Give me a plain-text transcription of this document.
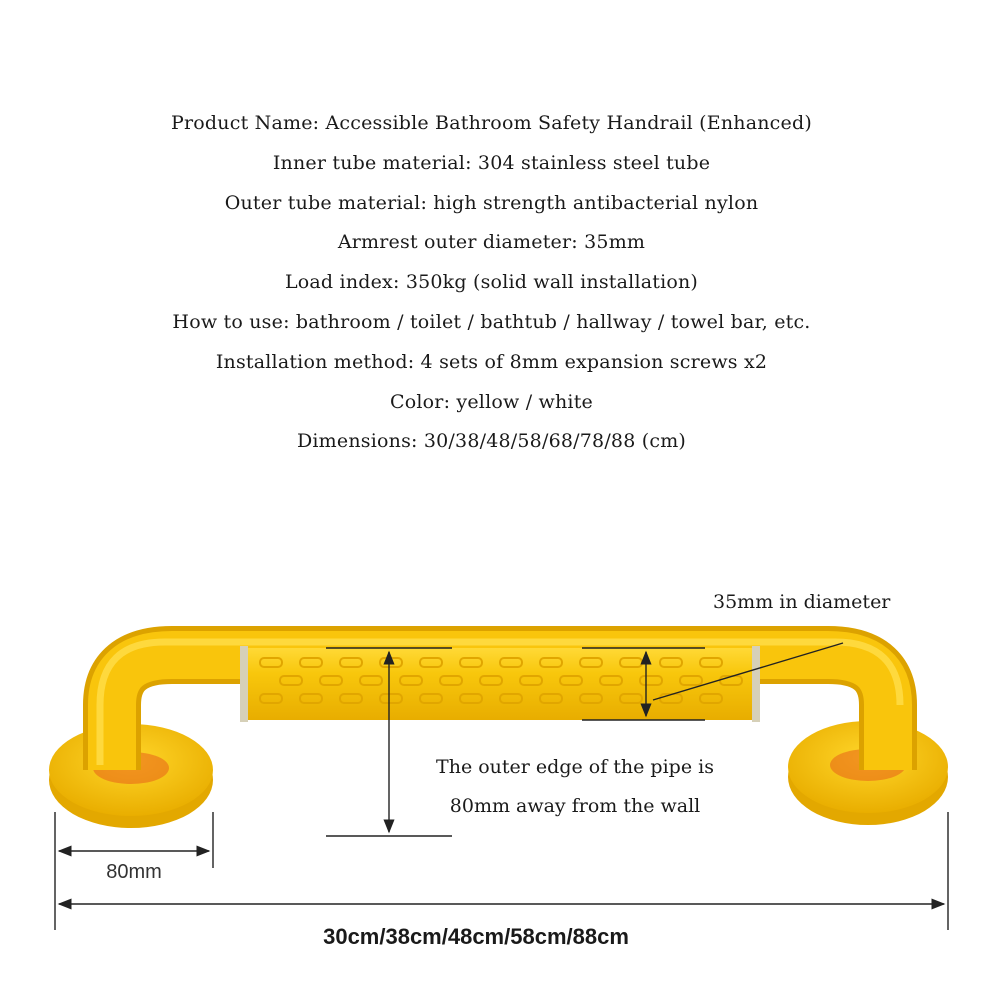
Product Name: Accessible Bathroom Safety Handrail (Enhanced)
Inner tube material: 304 stainless steel tube
Outer tube material: high strength antibacterial nylon
Armrest outer diameter: 35mm
Load index: 350kg (solid wall installation)
How to use: bathroom / toilet / bathtub / hallway / towel bar, etc.
Installation method: 4 sets of 8mm expansion screws x2
Color: yellow / white
Dimensions: 30/38/48/58/68/78/88 (cm)
35mm in diameter
The outer edge of the pipe is
80mm away from the wall
80mm
30cm/38cm/48cm/58cm/88cm
